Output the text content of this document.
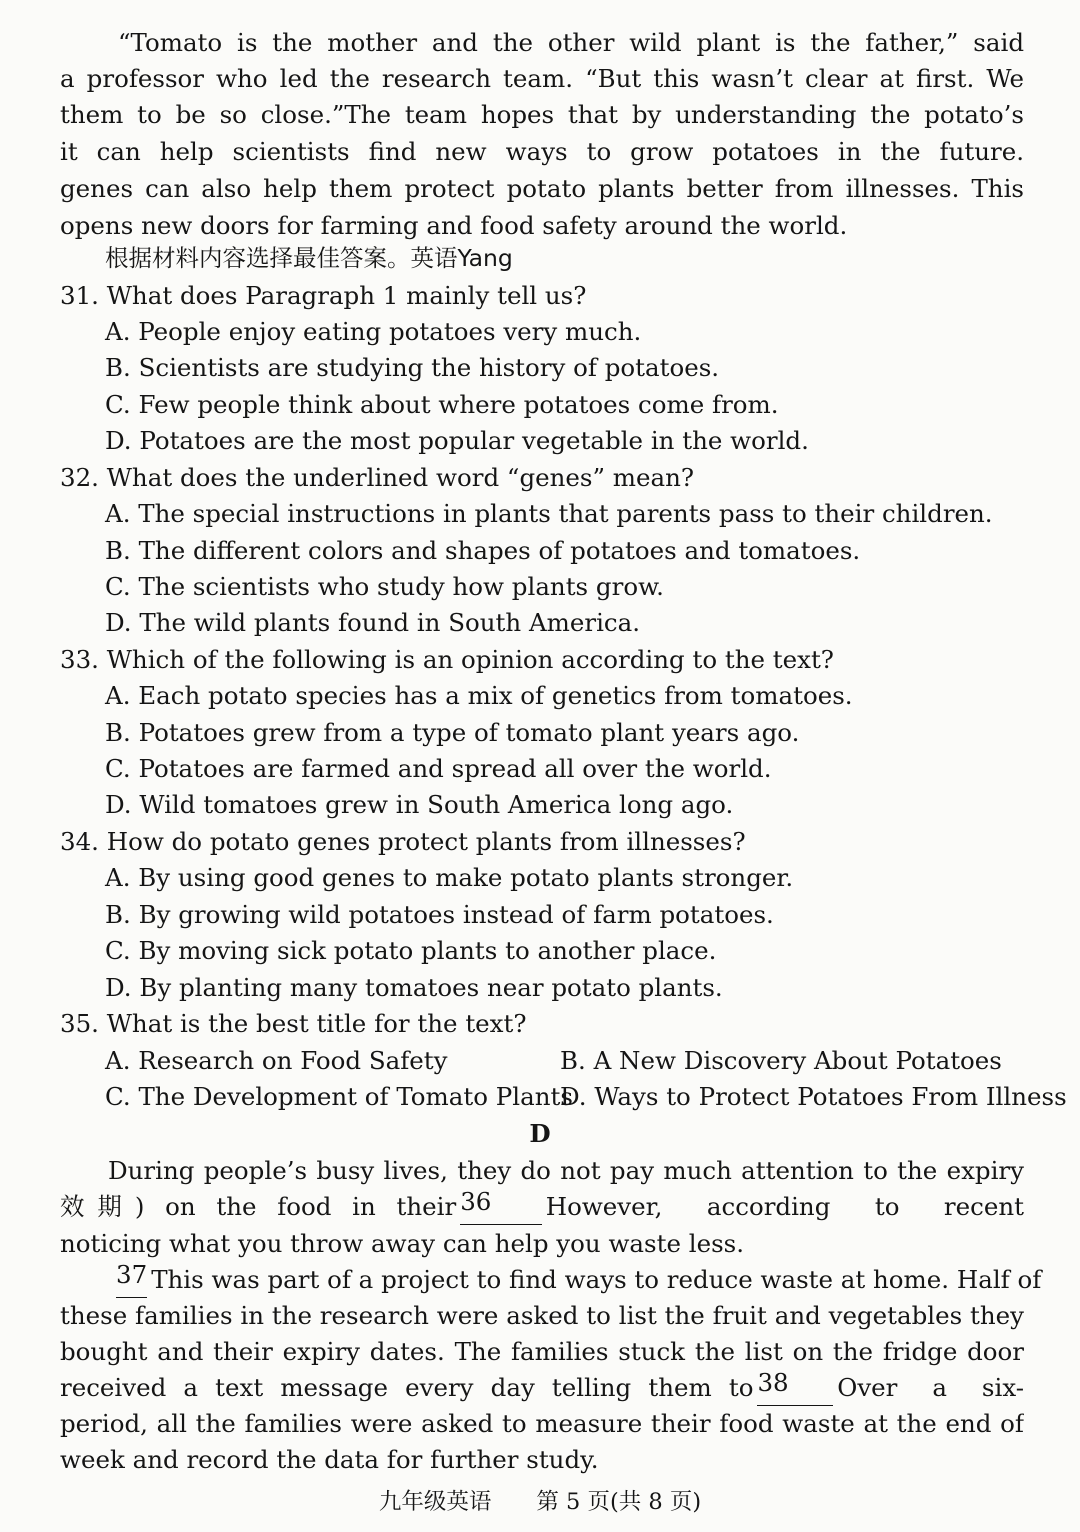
“Tomato is the mother and the other wild plant is the father,” said
a professor who led the research team. “But this wasn’t clear at first. We
them to be so close.”The team hopes that by understanding the potato’s
it can help scientists find new ways to grow potatoes in the future.
genes can also help them protect potato plants better from illnesses. This
opens new doors for farming and food safety around the world.
根据材料内容选择最佳答案。英语Yang
31. What does Paragraph 1 mainly tell us?
A. People enjoy eating potatoes very much.
B. Scientists are studying the history of potatoes.
C. Few people think about where potatoes come from.
D. Potatoes are the most popular vegetable in the world.
32. What does the underlined word “genes” mean?
A. The special instructions in plants that parents pass to their children.
B. The different colors and shapes of potatoes and tomatoes.
C. The scientists who study how plants grow.
D. The wild plants found in South America.
33. Which of the following is an opinion according to the text?
A. Each potato species has a mix of genetics from tomatoes.
B. Potatoes grew from a type of tomato plant years ago.
C. Potatoes are farmed and spread all over the world.
D. Wild tomatoes grew in South America long ago.
34. How do potato genes protect plants from illnesses?
A. By using good genes to make potato plants stronger.
B. By growing wild potatoes instead of farm potatoes.
C. By moving sick potato plants to another place.
D. By planting many tomatoes near potato plants.
35. What is the best title for the text?
A. Research on Food Safety	B. A New Discovery About Potatoes
C. The Development of Tomato Plants
D. Ways to Protect Potatoes From Illness
D
During people’s busy lives, they do not pay much attention to the expiry
效期) on the food in their 36	However, according to recent
noticing what you throw away can help you waste less.
37 This was part of a project to find ways to reduce waste at home. Half of
these families in the research were asked to list the fruit and vegetables they
bought and their expiry dates. The families stuck the list on the fridge door
received a text message every day telling them to 38	Over a six-
period, all the families were asked to measure their food waste at the end of
week and record the data for further study.
九年级英语　　第 5 页(共 8 页)
